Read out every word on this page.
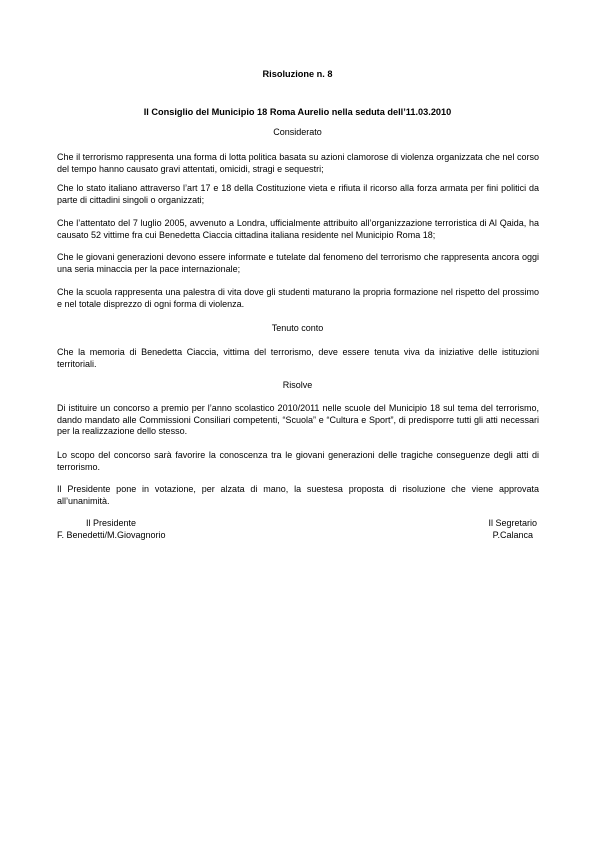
Risoluzione n. 8
Il Consiglio del Municipio 18 Roma Aurelio nella seduta dell’11.03.2010
Considerato
Che il terrorismo rappresenta una forma di lotta politica basata su azioni clamorose di violenza organizzata che nel corso del tempo hanno causato gravi attentati, omicidi, stragi e sequestri;
Che lo stato italiano attraverso l’art 17 e 18 della Costituzione vieta e rifiuta il ricorso alla forza armata per fini politici da parte di cittadini singoli o organizzati;
Che l’attentato del 7 luglio 2005, avvenuto a Londra, ufficialmente attribuito all’organizzazione terroristica di Al Qaida, ha causato 52 vittime fra cui Benedetta Ciaccia cittadina italiana residente nel Municipio Roma 18;
Che le giovani generazioni devono essere informate e tutelate dal fenomeno del terrorismo che rappresenta ancora oggi una seria minaccia per la pace internazionale;
Che la scuola rappresenta una palestra di vita dove gli studenti maturano la propria formazione nel rispetto del prossimo e nel totale disprezzo di ogni forma di violenza.
Tenuto conto
Che la memoria di Benedetta Ciaccia, vittima del terrorismo, deve essere tenuta viva da iniziative delle istituzioni territoriali.
Risolve
Di istituire un concorso a premio per l’anno scolastico 2010/2011 nelle scuole del Municipio 18 sul tema del terrorismo, dando mandato alle Commissioni Consiliari competenti, “Scuola” e “Cultura e Sport”, di predisporre tutti gli atti necessari per la realizzazione dello stesso.
Lo scopo del concorso sarà favorire la conoscenza tra le giovani generazioni delle tragiche conseguenze degli atti di terrorismo.
Il Presidente pone in votazione, per alzata di mano, la suestesa proposta di risoluzione che viene approvata all’unanimità.
Il Presidente
F. Benedetti/M.Giovagnorio
Il Segretario
P.Calanca
